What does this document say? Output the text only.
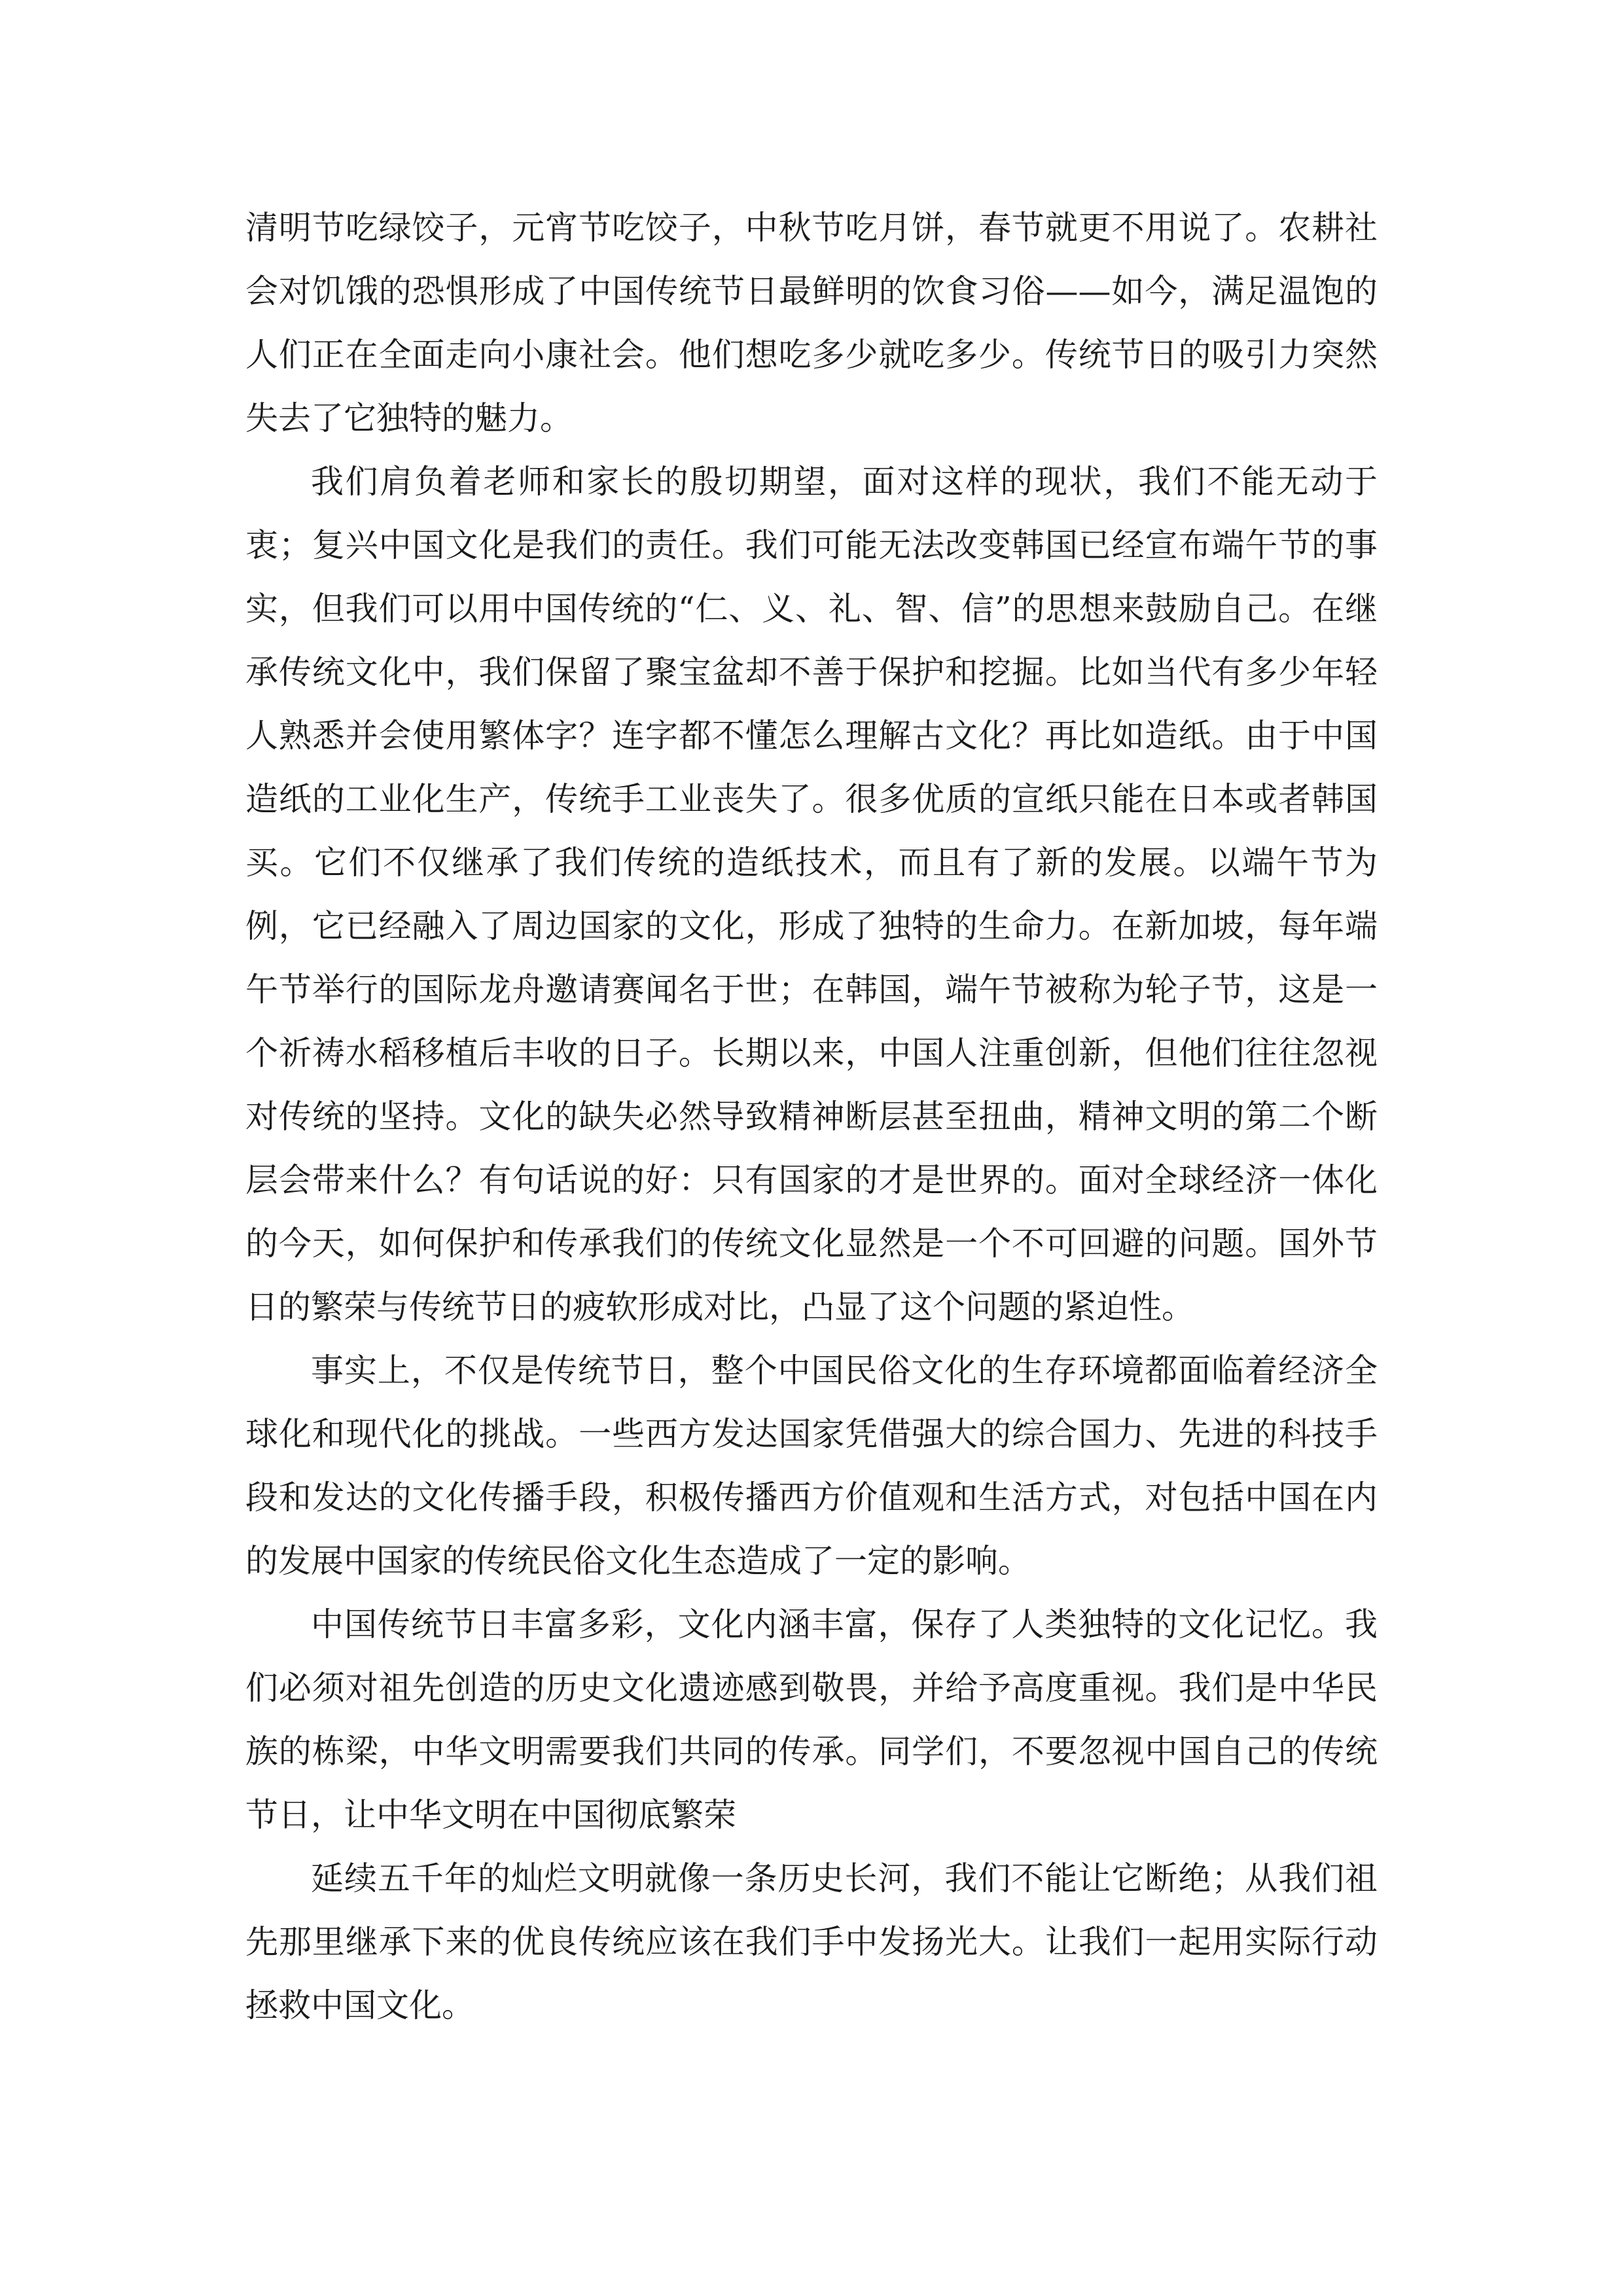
清明节吃绿饺子，元宵节吃饺子，中秋节吃月饼，春节就更不用说了。农耕社会对饥饿的恐惧形成了中国传统节日最鲜明的饮食习俗——如今，满足温饱的人们正在全面走向小康社会。他们想吃多少就吃多少。传统节日的吸引力突然失去了它独特的魅力。

我们肩负着老师和家长的殷切期望，面对这样的现状，我们不能无动于衷；复兴中国文化是我们的责任。我们可能无法改变韩国已经宣布端午节的事实，但我们可以用中国传统的“仁、义、礼、智、信”的思想来鼓励自己。在继承传统文化中，我们保留了聚宝盆却不善于保护和挖掘。比如当代有多少年轻人熟悉并会使用繁体字？连字都不懂怎么理解古文化？再比如造纸。由于中国造纸的工业化生产，传统手工业丧失了。很多优质的宣纸只能在日本或者韩国买。它们不仅继承了我们传统的造纸技术，而且有了新的发展。以端午节为例，它已经融入了周边国家的文化，形成了独特的生命力。在新加坡，每年端午节举行的国际龙舟邀请赛闻名于世；在韩国，端午节被称为轮子节，这是一个祈祷水稻移植后丰收的日子。长期以来，中国人注重创新，但他们往往忽视对传统的坚持。文化的缺失必然导致精神断层甚至扭曲，精神文明的第二个断层会带来什么？有句话说的好：只有国家的才是世界的。面对全球经济一体化的今天，如何保护和传承我们的传统文化显然是一个不可回避的问题。国外节日的繁荣与传统节日的疲软形成对比，凸显了这个问题的紧迫性。

事实上，不仅是传统节日，整个中国民俗文化的生存环境都面临着经济全球化和现代化的挑战。一些西方发达国家凭借强大的综合国力、先进的科技手段和发达的文化传播手段，积极传播西方价值观和生活方式，对包括中国在内的发展中国家的传统民俗文化生态造成了一定的影响。

中国传统节日丰富多彩，文化内涵丰富，保存了人类独特的文化记忆。我们必须对祖先创造的历史文化遗迹感到敬畏，并给予高度重视。我们是中华民族的栋梁，中华文明需要我们共同的传承。同学们，不要忽视中国自己的传统节日，让中华文明在中国彻底繁荣

延续五千年的灿烂文明就像一条历史长河，我们不能让它断绝；从我们祖先那里继承下来的优良传统应该在我们手中发扬光大。让我们一起用实际行动拯救中国文化。
